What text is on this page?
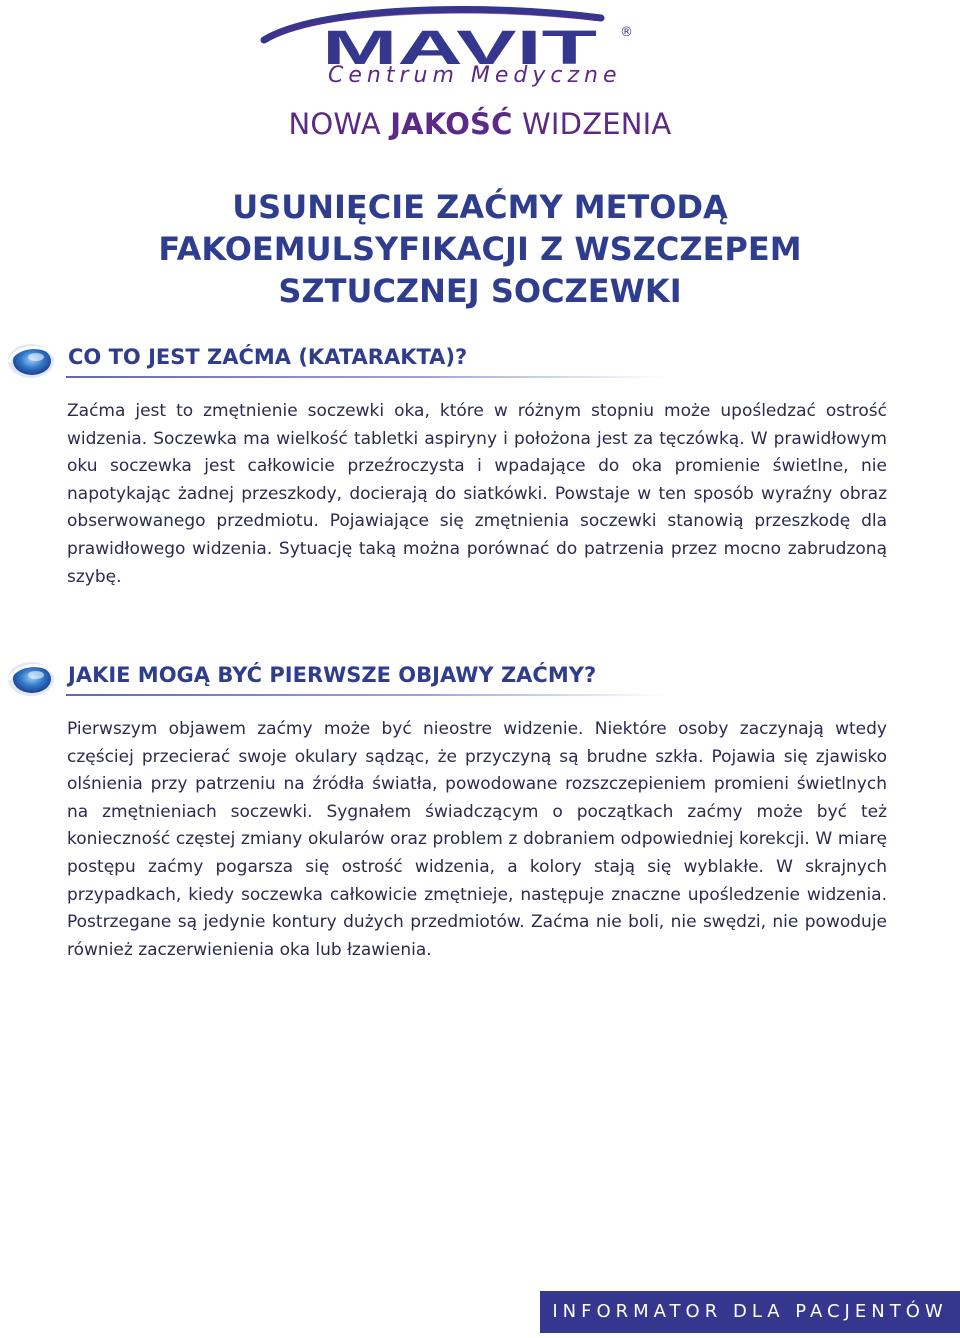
MAVIT ®
Centrum Medyczne
NOWA JAKOŚĆ WIDZENIA
USUNIĘCIE ZAĆMY METODĄ
FAKOEMULSYFIKACJI Z WSZCZEPEM
SZTUCZNEJ SOCZEWKI
CO TO JEST ZAĆMA (KATARAKTA)?
Zaćma jest to zmętnienie soczewki oka, które w różnym stopniu może upośledzać ostrość widzenia. Soczewka ma wielkość tabletki aspiryny i położona jest za tęczówką. W prawidłowym oku soczewka jest całkowicie przeźroczysta i wpadające do oka promienie świetlne, nie napotykając żadnej przeszkody, docierają do siatkówki. Powstaje w ten sposób wyraźny obraz obserwowanego przedmiotu. Pojawiające się zmętnienia soczewki stanowią przeszkodę dla prawidłowego widzenia. Sytuację taką można porównać do patrzenia przez mocno zabrudzoną szybę.
JAKIE MOGĄ BYĆ PIERWSZE OBJAWY ZAĆMY?
Pierwszym objawem zaćmy może być nieostre widzenie. Niektóre osoby zaczynają wtedy częściej przecierać swoje okulary sądząc, że przyczyną są brudne szkła. Pojawia się zjawisko olśnienia przy patrzeniu na źródła światła, powodowane rozszczepieniem promieni świetlnych na zmętnieniach soczewki. Sygnałem świadczącym o początkach zaćmy może być też konieczność częstej zmiany okularów oraz problem z dobraniem odpowiedniej korekcji. W miarę postępu zaćmy pogarsza się ostrość widzenia, a kolory stają się wyblakłe. W skrajnych przypadkach, kiedy soczewka całkowicie zmętnieje, następuje znaczne upośledzenie widzenia. Postrzegane są jedynie kontury dużych przedmiotów. Zaćma nie boli, nie swędzi, nie powoduje również zaczerwienienia oka lub łzawienia.
INFORMATOR DLA PACJENTÓW
